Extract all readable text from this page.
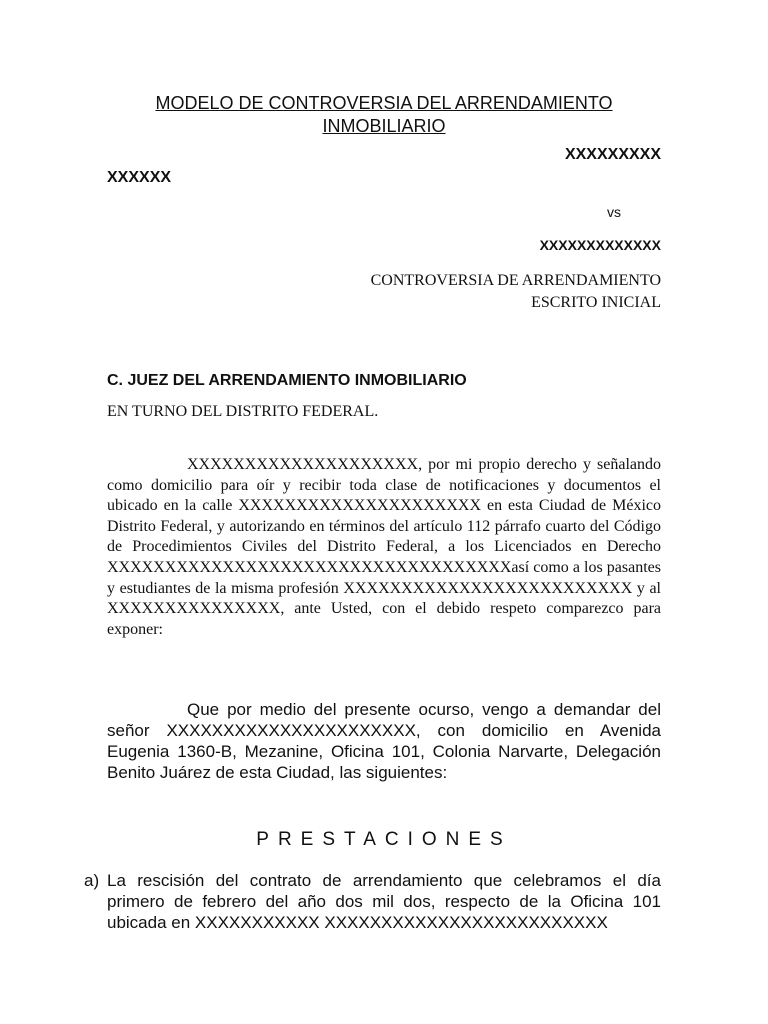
MODELO DE CONTROVERSIA DEL ARRENDAMIENTO INMOBILIARIO
XXXXXXXXX
XXXXXX
vs
XXXXXXXXXXXXX
CONTROVERSIA DE ARRENDAMIENTO
ESCRITO INICIAL
C. JUEZ DEL ARRENDAMIENTO INMOBILIARIO
EN TURNO DEL DISTRITO FEDERAL.
XXXXXXXXXXXXXXXXXXXX, por mi propio derecho y señalando como domicilio para oír y recibir toda clase de notificaciones y documentos el ubicado en la calle XXXXXXXXXXXXXXXXXXXXX en esta Ciudad de México Distrito Federal, y autorizando en términos del artículo 112 párrafo cuarto del Código de Procedimientos Civiles del Distrito Federal, a los Licenciados en Derecho XXXXXXXXXXXXXXXXXXXXXXXXXXXXXXXXXXXasí como a los pasantes y estudiantes de la misma profesión XXXXXXXXXXXXXXXXXXXXXXXXX y al XXXXXXXXXXXXXXX, ante Usted, con el debido respeto comparezco para exponer:
Que por medio del presente ocurso, vengo a demandar del señor XXXXXXXXXXXXXXXXXXXXXX, con domicilio en Avenida Eugenia 1360-B, Mezanine, Oficina 101, Colonia Narvarte, Delegación Benito Juárez de esta Ciudad, las siguientes:
PRESTACIONES
a) La rescisión del contrato de arrendamiento que celebramos el día primero de febrero del año dos mil dos, respecto de la Oficina 101 ubicada en XXXXXXXXXXX XXXXXXXXXXXXXXXXXXXXXXXXX
